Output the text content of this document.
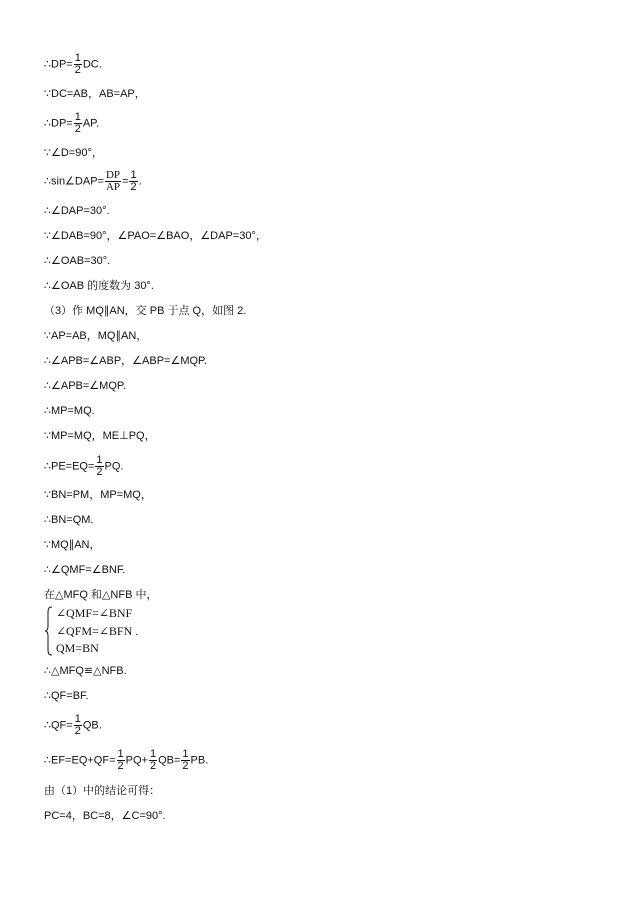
∴DP= $\frac{1}{2}$ DC.
∵DC=AB，AB=AP，
∴DP= $\frac{1}{2}$ AP.
∵∠D=90°，
∴sin∠DAP= $\frac{DP}{AP} = \frac{1}{2}$ .
∴∠DAP=30°.
∵∠DAB=90°，∠PAO=∠BAO，∠DAP=30°，
∴∠OAB=30°.
∴∠OAB 的度数为 30°.
（3）作 MQ∥AN，交 PB 于点 Q，如图 2.
∵AP=AB，MQ∥AN，
∴∠APB=∠ABP，∠ABP=∠MQP.
∴∠APB=∠MQP.
∴MP=MQ.
∵MP=MQ，ME⊥PQ，
∴PE=EQ= $\frac{1}{2}$ PQ.
∵BN=PM，MP=MQ，
∴BN=QM.
∵MQ∥AN，
∴∠QMF=∠BNF.
在△MFQ 和△NFB 中，
∠QMF=∠BNF
∠QFM=∠BFN .
QM=BN
∴△MFQ≌△NFB.
∴QF=BF.
∴QF= $\frac{1}{2}$ QB.
∴EF=EQ+QF= $\frac{1}{2} PQ+ \frac{1}{2} QB= \frac{1}{2}$ PB.
由（1）中的结论可得：
PC=4，BC=8，∠C=90°.
